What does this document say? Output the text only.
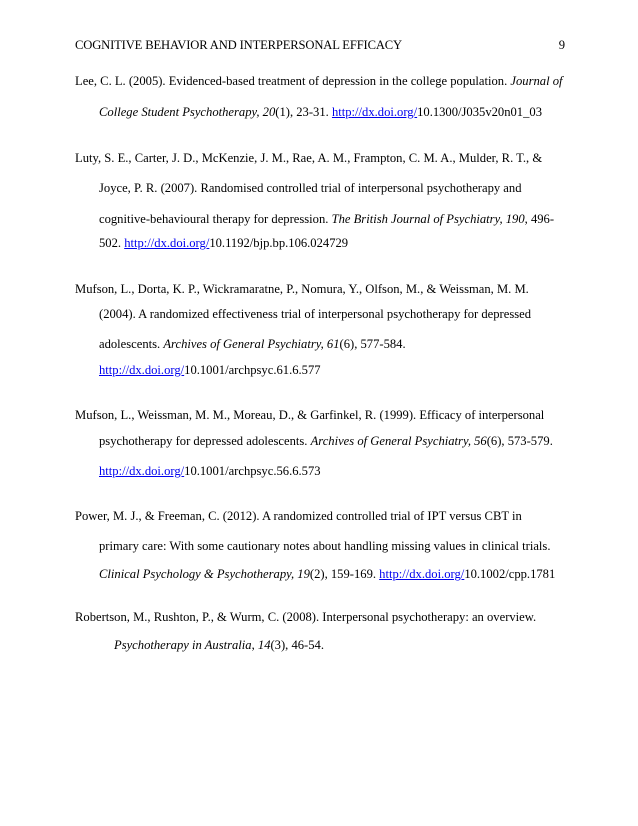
COGNITIVE BEHAVIOR AND INTERPERSONAL EFFICACY	9
Lee, C. L. (2005). Evidenced-based treatment of depression in the college population. Journal of
College Student Psychotherapy, 20(1), 23-31. http://dx.doi.org/10.1300/J035v20n01_03
Luty, S. E., Carter, J. D., McKenzie, J. M., Rae, A. M., Frampton, C. M. A., Mulder, R. T., &
Joyce, P. R. (2007). Randomised controlled trial of interpersonal psychotherapy and
cognitive-behavioural therapy for depression. The British Journal of Psychiatry, 190, 496-
502. http://dx.doi.org/10.1192/bjp.bp.106.024729
Mufson, L., Dorta, K. P., Wickramaratne, P., Nomura, Y., Olfson, M., & Weissman, M. M.
(2004). A randomized effectiveness trial of interpersonal psychotherapy for depressed
adolescents. Archives of General Psychiatry, 61(6), 577-584.
http://dx.doi.org/10.1001/archpsyc.61.6.577
Mufson, L., Weissman, M. M., Moreau, D., & Garfinkel, R. (1999). Efficacy of interpersonal
psychotherapy for depressed adolescents. Archives of General Psychiatry, 56(6), 573-579.
http://dx.doi.org/10.1001/archpsyc.56.6.573
Power, M. J., & Freeman, C. (2012). A randomized controlled trial of IPT versus CBT in
primary care: With some cautionary notes about handling missing values in clinical trials.
Clinical Psychology & Psychotherapy, 19(2), 159-169. http://dx.doi.org/10.1002/cpp.1781
Robertson, M., Rushton, P., & Wurm, C. (2008). Interpersonal psychotherapy: an overview.
Psychotherapy in Australia, 14(3), 46-54.
